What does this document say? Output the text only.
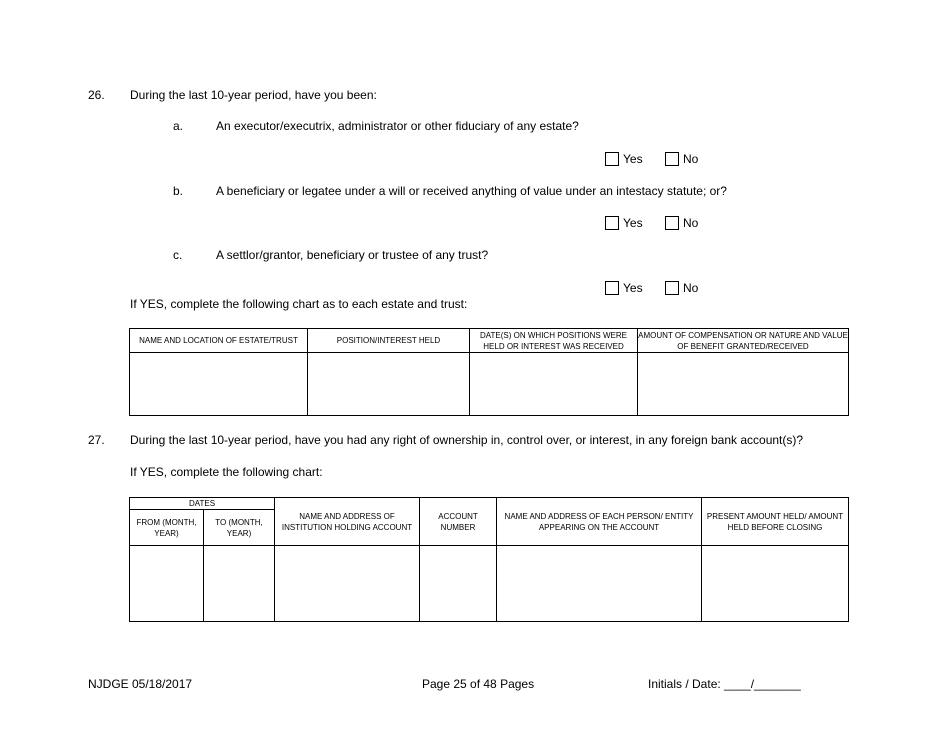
26. During the last 10-year period, have you been:
a.	An executor/executrix, administrator or other fiduciary of any estate?
Yes	No
b.	A beneficiary or legatee under a will or received anything of value under an intestacy statute; or?
Yes	No
c.	A settlor/grantor, beneficiary or trustee of any trust?
Yes	No
If YES, complete the following chart as to each estate and trust:
NAME AND LOCATION OF ESTATE/TRUST	POSITION/INTEREST HELD	DATE(S) ON WHICH POSITIONS WERE HELD OR INTEREST WAS RECEIVED	AMOUNT OF COMPENSATION OR NATURE AND VALUE OF BENEFIT GRANTED/RECEIVED

27. During the last 10-year period, have you had any right of ownership in, control over, or interest, in any foreign bank account(s)?
If YES, complete the following chart:
DATES		NAME AND ADDRESS OF INSTITUTION HOLDING ACCOUNT	ACCOUNT NUMBER	NAME AND ADDRESS OF EACH PERSON/ ENTITY APPEARING ON THE ACCOUNT	PRESENT AMOUNT HELD/ AMOUNT HELD BEFORE CLOSING
FROM (MONTH, YEAR)	TO (MONTH, YEAR)				

NJDGE 05/18/2017	Page 25 of 48 Pages	Initials / Date: ____/_______
